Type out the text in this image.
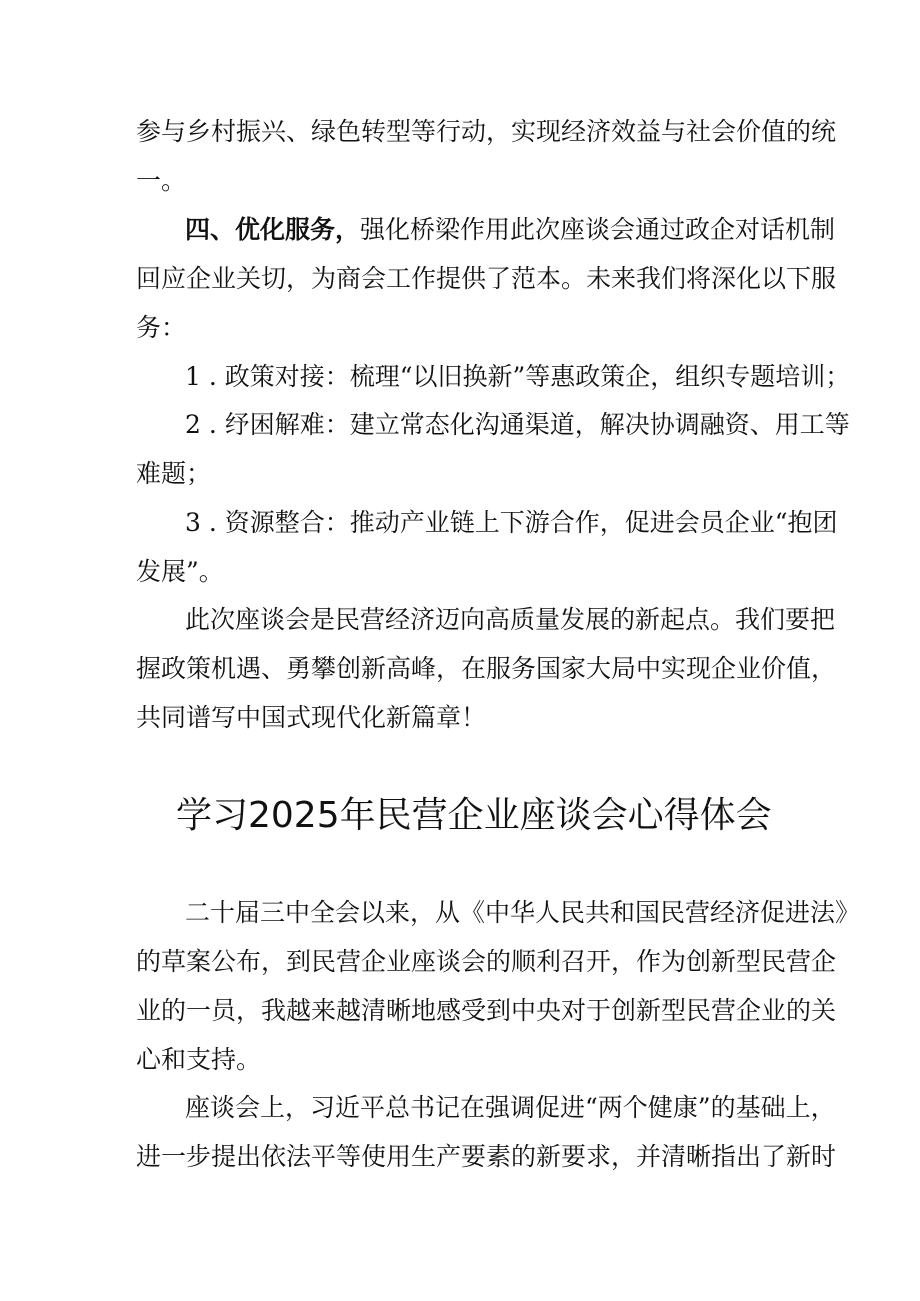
参与乡村振兴、绿色转型等行动，实现经济效益与社会价值的统
一。
四、优化服务，强化桥梁作用此次座谈会通过政企对话机制
回应企业关切，为商会工作提供了范本。未来我们将深化以下服
务：
1 . 政策对接：梳理“以旧换新”等惠政策企，组织专题培训；
2 . 纾困解难：建立常态化沟通渠道，解决协调融资、用工等
难题；
3 . 资源整合：推动产业链上下游合作，促进会员企业“抱团
发展”。
此次座谈会是民营经济迈向高质量发展的新起点。我们要把
握政策机遇、勇攀创新高峰，在服务国家大局中实现企业价值，
共同谱写中国式现代化新篇章！
学习2025年民营企业座谈会心得体会
二十届三中全会以来，从《中华人民共和国民营经济促进法》
的草案公布，到民营企业座谈会的顺利召开，作为创新型民营企
业的一员，我越来越清晰地感受到中央对于创新型民营企业的关
心和支持。
座谈会上，习近平总书记在强调促进“两个健康”的基础上，
进一步提出依法平等使用生产要素的新要求，并清晰指出了新时
